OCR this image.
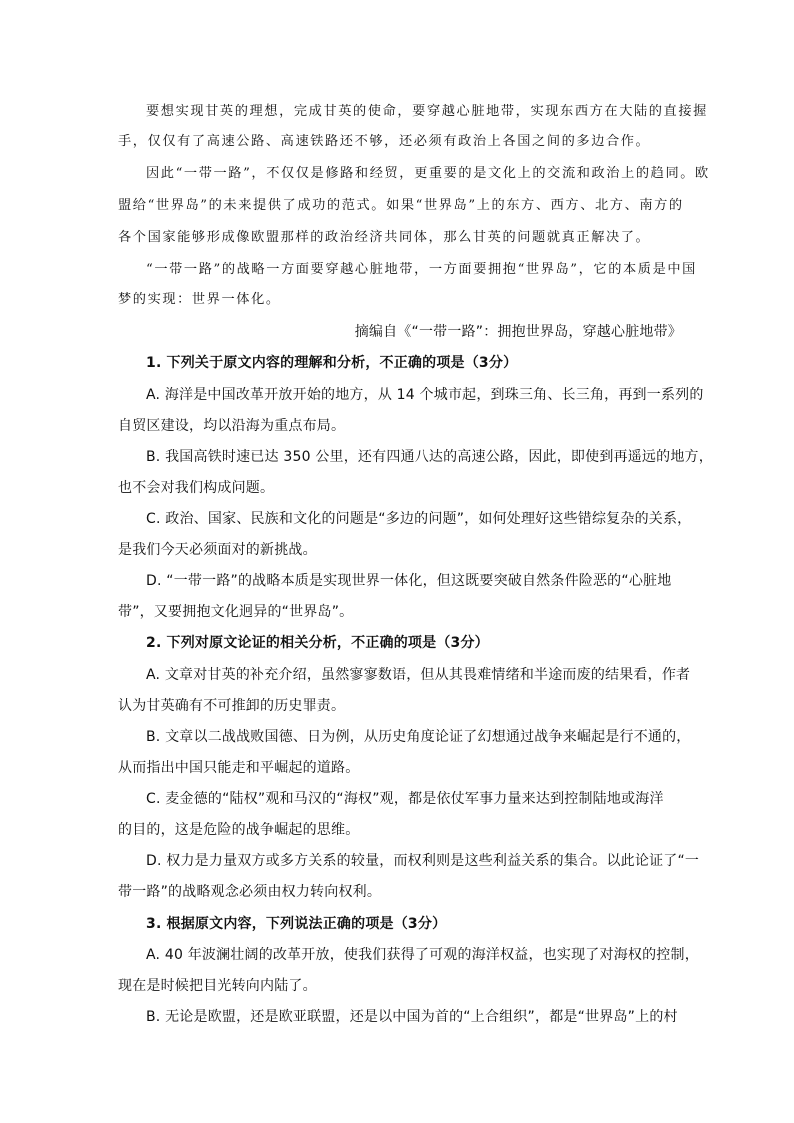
要想实现甘英的理想，完成甘英的使命，要穿越心脏地带，实现东西方在大陆的直接握
手，仅仅有了高速公路、高速铁路还不够，还必须有政治上各国之间的多边合作。
因此“一带一路”，不仅仅是修路和经贸，更重要的是文化上的交流和政治上的趋同。欧
盟给“世界岛”的未来提供了成功的范式。如果“世界岛”上的东方、西方、北方、南方的
各个国家能够形成像欧盟那样的政治经济共同体，那么甘英的问题就真正解决了。
“一带一路”的战略一方面要穿越心脏地带，一方面要拥抱“世界岛”，它的本质是中国
梦的实现：世界一体化。
摘编自《“一带一路”：拥抱世界岛，穿越心脏地带》
1. 下列关于原文内容的理解和分析，不正确的项是（3分）
A. 海洋是中国改革开放开始的地方，从 14 个城市起，到珠三角、长三角，再到一系列的
自贸区建设，均以沿海为重点布局。
B. 我国高铁时速已达 350 公里，还有四通八达的高速公路，因此，即使到再遥远的地方，
也不会对我们构成问题。
C. 政治、国家、民族和文化的问题是“多边的问题”，如何处理好这些错综复杂的关系，
是我们今天必须面对的新挑战。
D. “一带一路”的战略本质是实现世界一体化，但这既要突破自然条件险恶的“心脏地
带”，又要拥抱文化迥异的“世界岛”。
2. 下列对原文论证的相关分析，不正确的项是（3分）
A. 文章对甘英的补充介绍，虽然寥寥数语，但从其畏难情绪和半途而废的结果看，作者
认为甘英确有不可推卸的历史罪责。
B. 文章以二战战败国德、日为例，从历史角度论证了幻想通过战争来崛起是行不通的，
从而指出中国只能走和平崛起的道路。
C. 麦金德的“陆权”观和马汉的“海权”观，都是依仗军事力量来达到控制陆地或海洋
的目的，这是危险的战争崛起的思维。
D. 权力是力量双方或多方关系的较量，而权利则是这些利益关系的集合。以此论证了“一
带一路”的战略观念必须由权力转向权利。
3. 根据原文内容，下列说法正确的项是（3分）
A. 40 年波澜壮阔的改革开放，使我们获得了可观的海洋权益，也实现了对海权的控制，
现在是时候把目光转向内陆了。
B. 无论是欧盟，还是欧亚联盟，还是以中国为首的“上合组织”，都是“世界岛”上的村
